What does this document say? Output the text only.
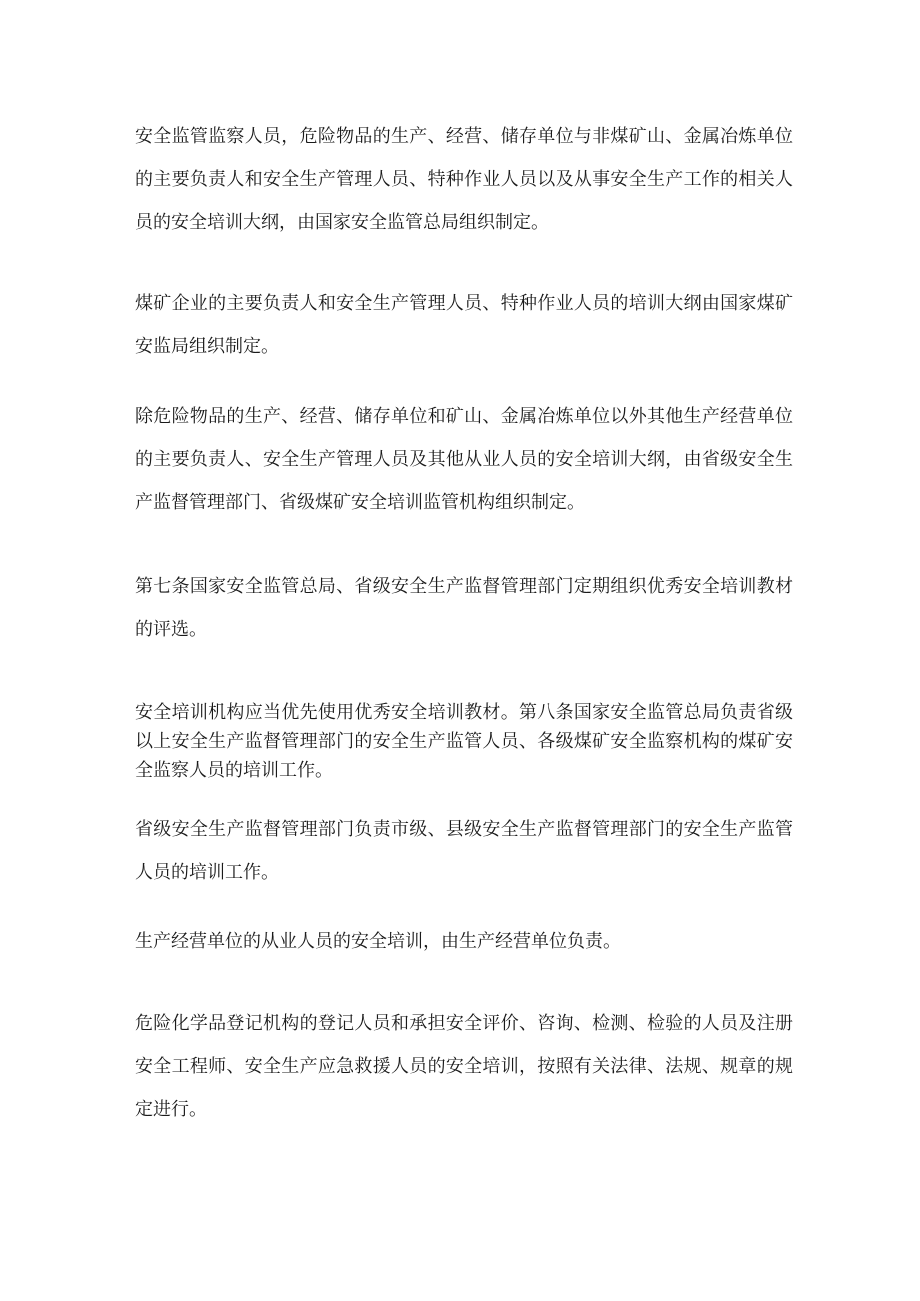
安全监管监察人员，危险物品的生产、经营、储存单位与非煤矿山、金属冶炼单位的主要负责人和安全生产管理人员、特种作业人员以及从事安全生产工作的相关人员的安全培训大纲，由国家安全监管总局组织制定。

煤矿企业的主要负责人和安全生产管理人员、特种作业人员的培训大纲由国家煤矿安监局组织制定。

除危险物品的生产、经营、储存单位和矿山、金属冶炼单位以外其他生产经营单位的主要负责人、安全生产管理人员及其他从业人员的安全培训大纲，由省级安全生产监督管理部门、省级煤矿安全培训监管机构组织制定。

第七条国家安全监管总局、省级安全生产监督管理部门定期组织优秀安全培训教材的评选。

安全培训机构应当优先使用优秀安全培训教材。第八条国家安全监管总局负责省级以上安全生产监督管理部门的安全生产监管人员、各级煤矿安全监察机构的煤矿安全监察人员的培训工作。

省级安全生产监督管理部门负责市级、县级安全生产监督管理部门的安全生产监管人员的培训工作。

生产经营单位的从业人员的安全培训，由生产经营单位负责。

危险化学品登记机构的登记人员和承担安全评价、咨询、检测、检验的人员及注册安全工程师、安全生产应急救援人员的安全培训，按照有关法律、法规、规章的规定进行。
